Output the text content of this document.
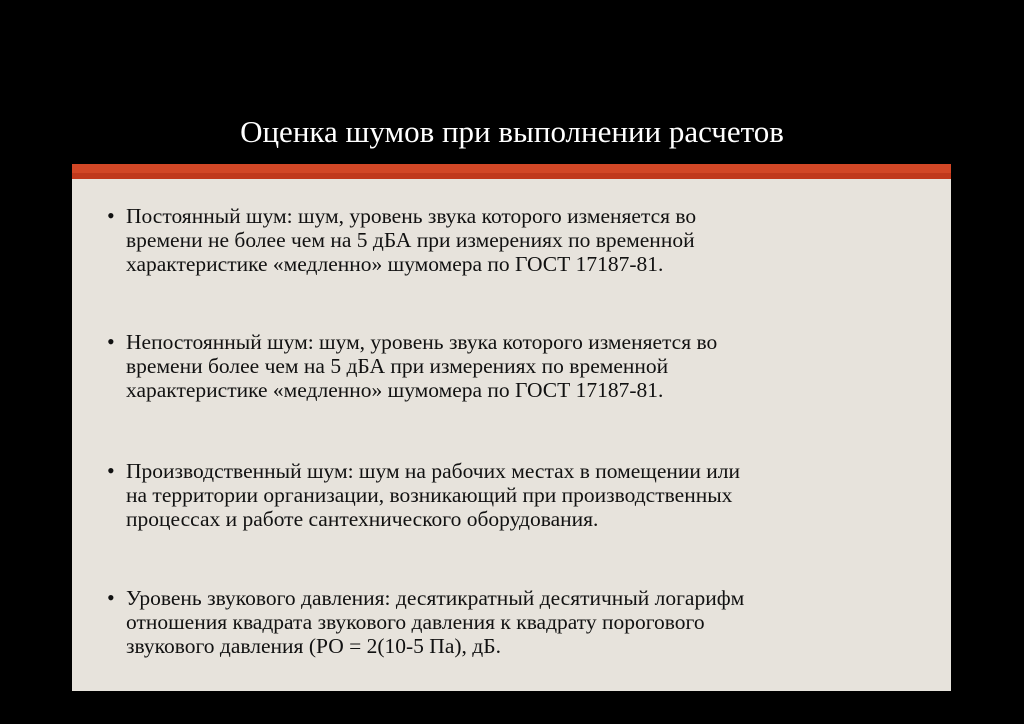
Оценка шумов при выполнении расчетов
• Постоянный шум: шум, уровень звука которого изменяется во
времени не более чем на 5 дБА при измерениях по временной
характеристике «медленно» шумомера по ГОСТ 17187-81.
• Непостоянный шум: шум, уровень звука которого изменяется во
времени более чем на 5 дБА при измерениях по временной
характеристике «медленно» шумомера по ГОСТ 17187-81.
• Производственный шум: шум на рабочих местах в помещении или
на территории организации, возникающий при производственных
процессах и работе сантехнического оборудования.
• Уровень звукового давления: десятикратный десятичный логарифм
отношения квадрата звукового давления к квадрату порогового
звукового давления (РО = 2(10-5 Па), дБ.
